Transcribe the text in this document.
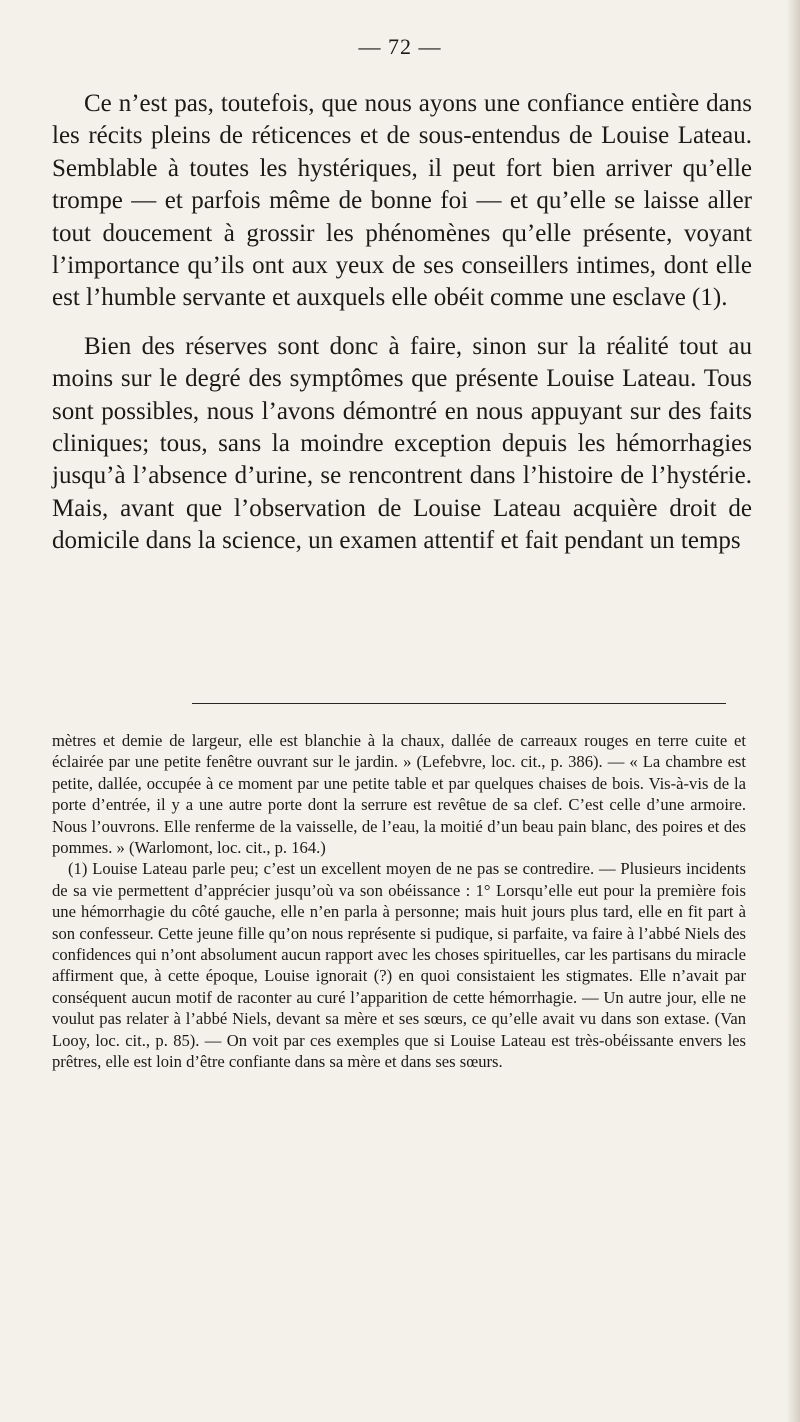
— 72 —

Ce n’est pas, toutefois, que nous ayons une confiance entière dans les récits pleins de réticences et de sous-entendus de Louise Lateau. Semblable à toutes les hystériques, il peut fort bien arriver qu’elle trompe — et parfois même de bonne foi — et qu’elle se laisse aller tout doucement à grossir les phénomènes qu’elle présente, voyant l’importance qu’ils ont aux yeux de ses conseillers intimes, dont elle est l’humble servante et auxquels elle obéit comme une esclave (1).

Bien des réserves sont donc à faire, sinon sur la réalité tout au moins sur le degré des symptômes que présente Louise Lateau. Tous sont possibles, nous l’avons démontré en nous appuyant sur des faits cliniques; tous, sans la moindre exception depuis les hémorrhagies jusqu’à l’absence d’urine, se rencontrent dans l’histoire de l’hystérie. Mais, avant que l’observation de Louise Lateau acquière droit de domicile dans la science, un examen attentif et fait pendant un temps

mètres et demie de largeur, elle est blanchie à la chaux, dallée de carreaux rouges en terre cuite et éclairée par une petite fenêtre ouvrant sur le jardin. » (Lefebvre, loc. cit., p. 386). — « La chambre est petite, dallée, occupée à ce moment par une petite table et par quelques chaises de bois. Vis-à-vis de la porte d’entrée, il y a une autre porte dont la serrure est revêtue de sa clef. C’est celle d’une armoire. Nous l’ouvrons. Elle renferme de la vaisselle, de l’eau, la moitié d’un beau pain blanc, des poires et des pommes. » (Warlomont, loc. cit., p. 164.)

(1) Louise Lateau parle peu; c’est un excellent moyen de ne pas se contredire. — Plusieurs incidents de sa vie permettent d’apprécier jusqu’où va son obéissance : 1° Lorsqu’elle eut pour la première fois une hémorrhagie du côté gauche, elle n’en parla à personne; mais huit jours plus tard, elle en fit part à son confesseur. Cette jeune fille qu’on nous représente si pudique, si parfaite, va faire à l’abbé Niels des confidences qui n’ont absolument aucun rapport avec les choses spirituelles, car les partisans du miracle affirment que, à cette époque, Louise ignorait (?) en quoi consistaient les stigmates. Elle n’avait par conséquent aucun motif de raconter au curé l’apparition de cette hémorrhagie. — Un autre jour, elle ne voulut pas relater à l’abbé Niels, devant sa mère et ses sœurs, ce qu’elle avait vu dans son extase. (Van Looy, loc. cit., p. 85). — On voit par ces exemples que si Louise Lateau est très-obéissante envers les prêtres, elle est loin d’être confiante dans sa mère et dans ses sœurs.
